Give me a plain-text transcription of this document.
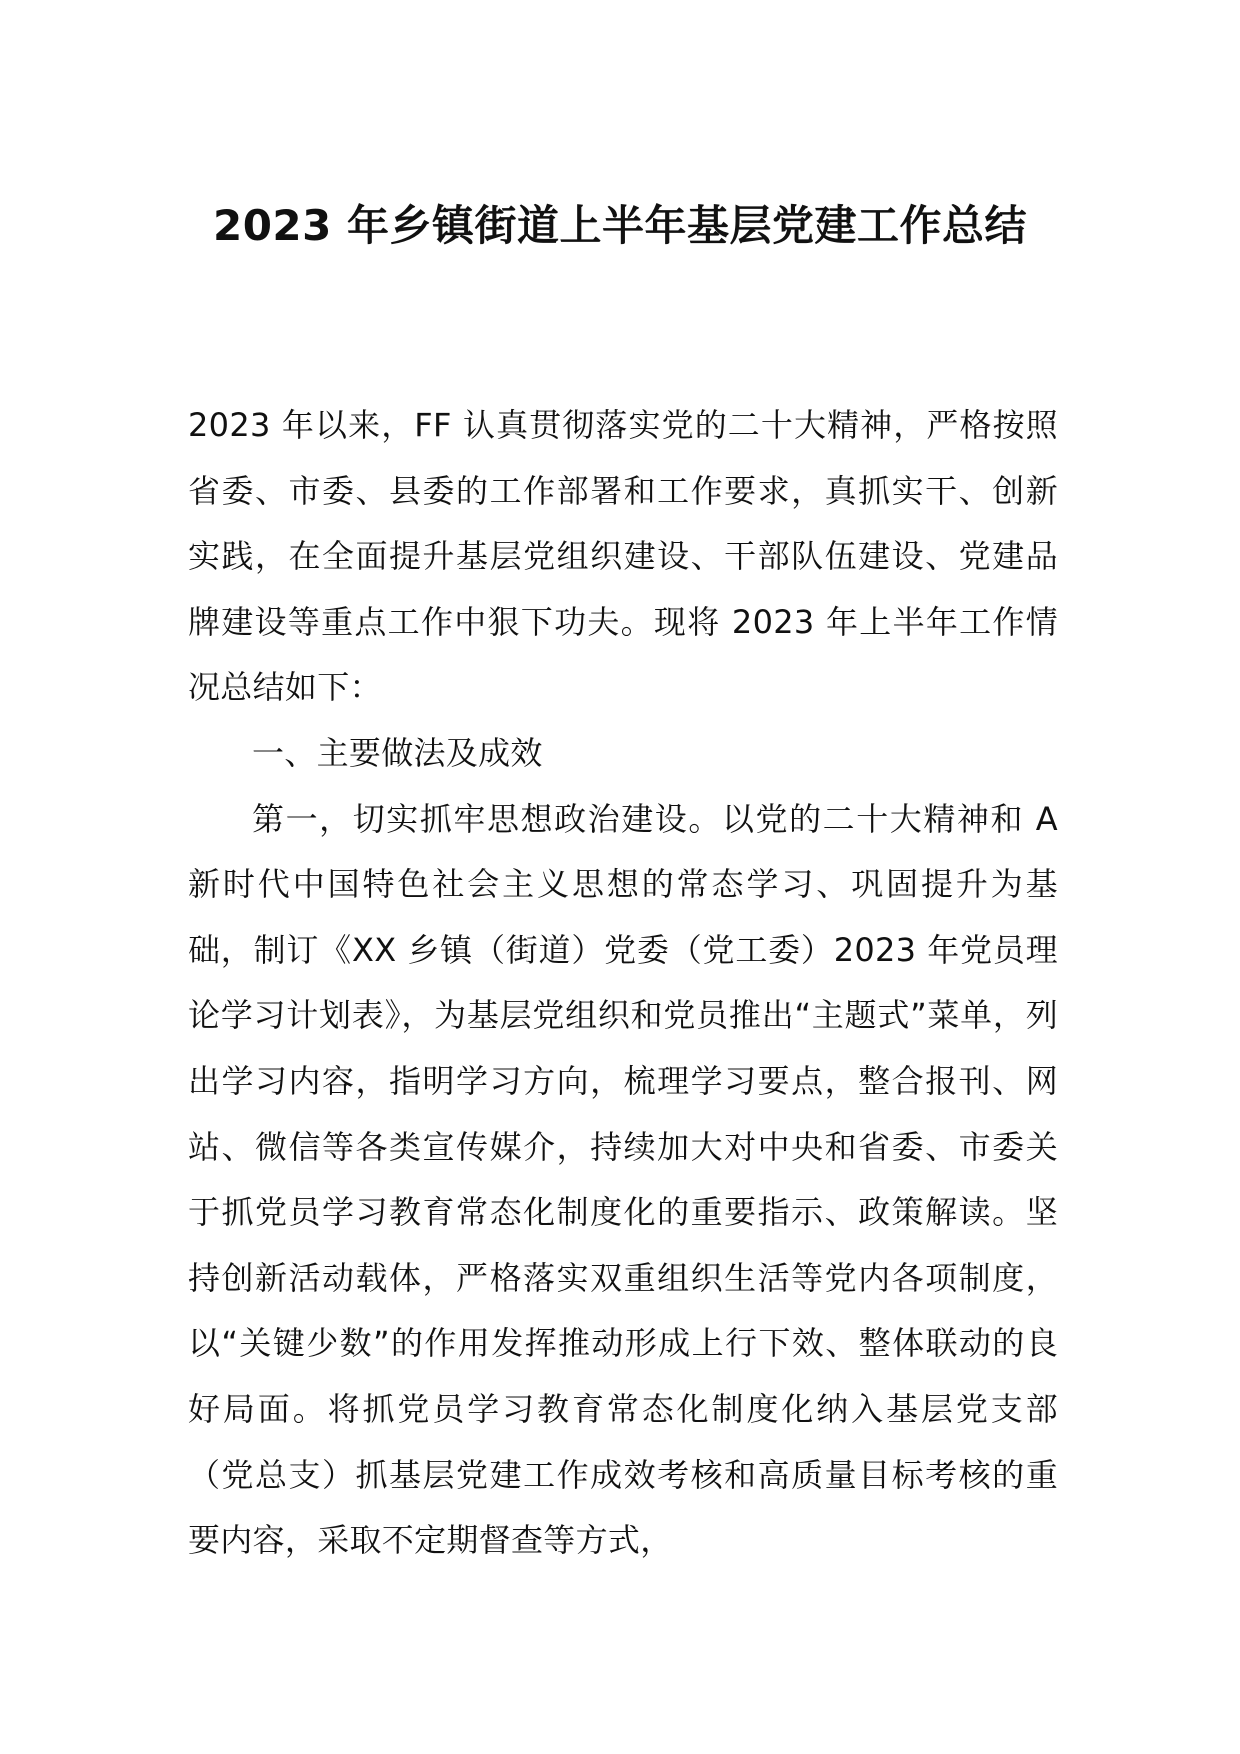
2023 年乡镇街道上半年基层党建工作总结

2023 年以来，FF 认真贯彻落实党的二十大精神，严格按照省委、市委、县委的工作部署和工作要求，真抓实干、创新实践，在全面提升基层党组织建设、干部队伍建设、党建品牌建设等重点工作中狠下功夫。现将 2023 年上半年工作情况总结如下：

一、主要做法及成效

第一，切实抓牢思想政治建设。以党的二十大精神和 A 新时代中国特色社会主义思想的常态学习、巩固提升为基础，制订《XX 乡镇（街道）党委（党工委）2023 年党员理论学习计划表》，为基层党组织和党员推出“主题式”菜单，列出学习内容，指明学习方向，梳理学习要点，整合报刊、网站、微信等各类宣传媒介，持续加大对中央和省委、市委关于抓党员学习教育常态化制度化的重要指示、政策解读。坚持创新活动载体，严格落实双重组织生活等党内各项制度，以“关键少数”的作用发挥推动形成上行下效、整体联动的良好局面。将抓党员学习教育常态化制度化纳入基层党支部（党总支）抓基层党建工作成效考核和高质量目标考核的重要内容，采取不定期督查等方式，
